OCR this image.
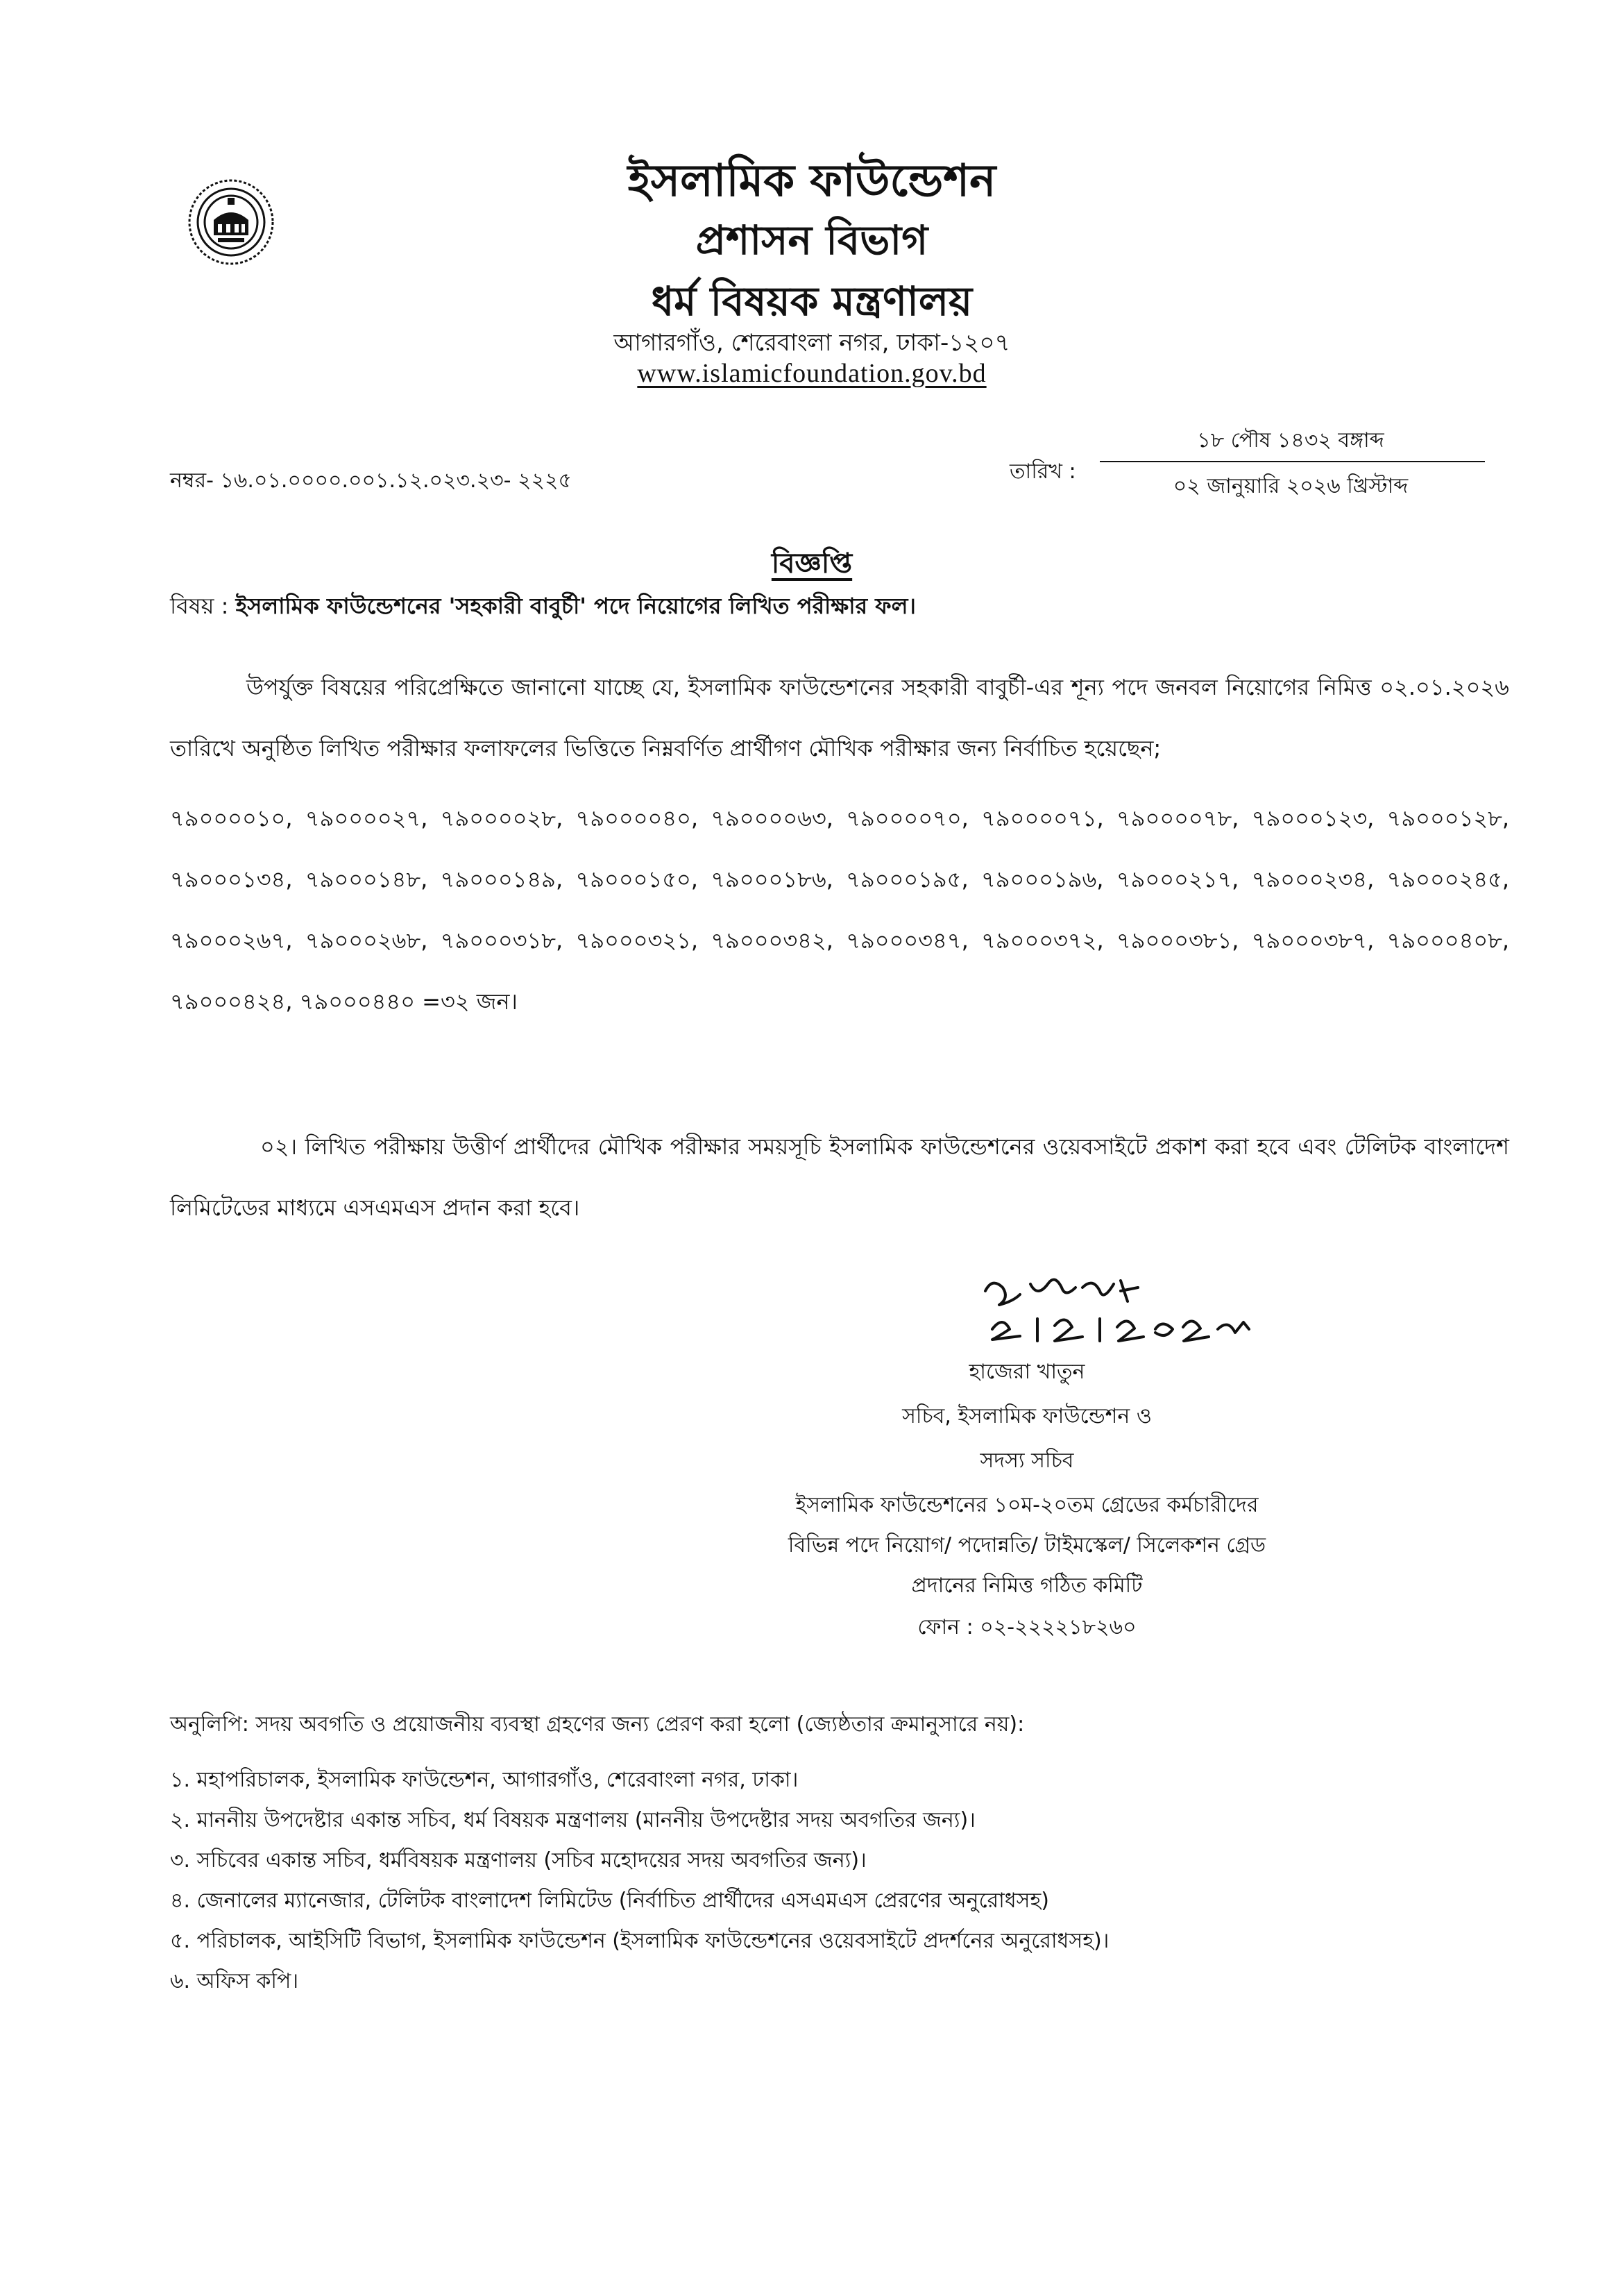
ইসলামিক ফাউন্ডেশন
প্রশাসন বিভাগ
ধর্ম বিষয়ক মন্ত্রণালয়
আগারগাঁও, শেরেবাংলা নগর, ঢাকা-১২০৭
www.islamicfoundation.gov.bd
নম্বর- ১৬.০১.০০০০.০০১.১২.০২৩.২৩- ২২২৫	তারিখ :
১৮ পৌষ ১৪৩২ বঙ্গাব্দ
০২ জানুয়ারি ২০২৬ খ্রিস্টাব্দ
বিজ্ঞপ্তি
বিষয় : ইসলামিক ফাউন্ডেশনের 'সহকারী বাবুর্চী' পদে নিয়োগের লিখিত পরীক্ষার ফল।
উপর্যুক্ত বিষয়ের পরিপ্রেক্ষিতে জানানো যাচ্ছে যে, ইসলামিক ফাউন্ডেশনের সহকারী বাবুর্চী-এর শূন্য পদে জনবল নিয়োগের নিমিত্ত ০২.০১.২০২৬ তারিখে অনুষ্ঠিত লিখিত পরীক্ষার ফলাফলের ভিত্তিতে নিম্নবর্ণিত প্রার্থীগণ মৌখিক পরীক্ষার জন্য নির্বাচিত হয়েছেন;
৭৯০০০০১০, ৭৯০০০০২৭, ৭৯০০০০২৮, ৭৯০০০০৪০, ৭৯০০০০৬৩, ৭৯০০০০৭০, ৭৯০০০০৭১, ৭৯০০০০৭৮, ৭৯০০০১২৩, ৭৯০০০১২৮, ৭৯০০০১৩৪, ৭৯০০০১৪৮, ৭৯০০০১৪৯, ৭৯০০০১৫০, ৭৯০০০১৮৬, ৭৯০০০১৯৫, ৭৯০০০১৯৬, ৭৯০০০২১৭, ৭৯০০০২৩৪, ৭৯০০০২৪৫, ৭৯০০০২৬৭, ৭৯০০০২৬৮, ৭৯০০০৩১৮, ৭৯০০০৩২১, ৭৯০০০৩৪২, ৭৯০০০৩৪৭, ৭৯০০০৩৭২, ৭৯০০০৩৮১, ৭৯০০০৩৮৭, ৭৯০০০৪০৮, ৭৯০০০৪২৪, ৭৯০০০৪৪০ =৩২ জন।
০২। লিখিত পরীক্ষায় উত্তীর্ণ প্রার্থীদের মৌখিক পরীক্ষার সময়সূচি ইসলামিক ফাউন্ডেশনের ওয়েবসাইটে প্রকাশ করা হবে এবং টেলিটক বাংলাদেশ লিমিটেডের মাধ্যমে এসএমএস প্রদান করা হবে।
হাজেরা খাতুন
সচিব, ইসলামিক ফাউন্ডেশন ও
সদস্য সচিব
ইসলামিক ফাউন্ডেশনের ১০ম-২০তম গ্রেডের কর্মচারীদের
বিভিন্ন পদে নিয়োগ/ পদোন্নতি/ টাইমস্কেল/ সিলেকশন গ্রেড
প্রদানের নিমিত্ত গঠিত কমিটি
ফোন : ০২-২২২২১৮২৬০
অনুলিপি: সদয় অবগতি ও প্রয়োজনীয় ব্যবস্থা গ্রহণের জন্য প্রেরণ করা হলো (জ্যেষ্ঠতার ক্রমানুসারে নয়):
১. মহাপরিচালক, ইসলামিক ফাউন্ডেশন, আগারগাঁও, শেরেবাংলা নগর, ঢাকা।
২. মাননীয় উপদেষ্টার একান্ত সচিব, ধর্ম বিষয়ক মন্ত্রণালয় (মাননীয় উপদেষ্টার সদয় অবগতির জন্য)।
৩. সচিবের একান্ত সচিব, ধর্মবিষয়ক মন্ত্রণালয় (সচিব মহোদয়ের সদয় অবগতির জন্য)।
৪. জেনালের ম্যানেজার, টেলিটক বাংলাদেশ লিমিটেড (নির্বাচিত প্রার্থীদের এসএমএস প্রেরণের অনুরোধসহ)
৫. পরিচালক, আইসিটি বিভাগ, ইসলামিক ফাউন্ডেশন (ইসলামিক ফাউন্ডেশনের ওয়েবসাইটে প্রদর্শনের অনুরোধসহ)।
৬. অফিস কপি।
